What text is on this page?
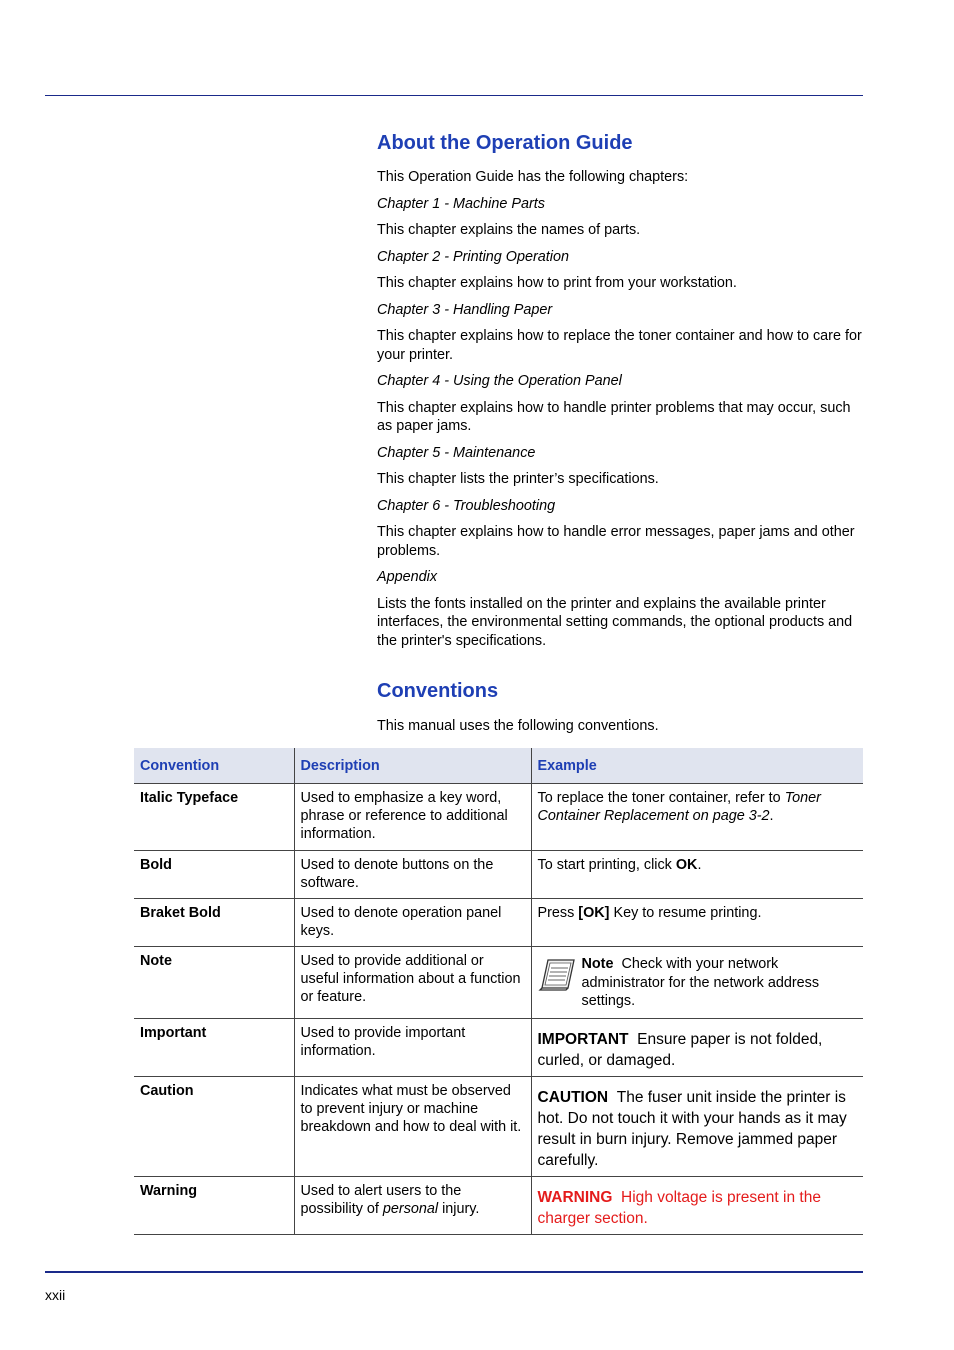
About the Operation Guide

This Operation Guide has the following chapters:

Chapter 1 - Machine Parts

This chapter explains the names of parts.

Chapter 2 - Printing Operation

This chapter explains how to print from your workstation.

Chapter 3 - Handling Paper

This chapter explains how to replace the toner container and how to care for your printer.

Chapter 4 - Using the Operation Panel

This chapter explains how to handle printer problems that may occur, such as paper jams.

Chapter 5 - Maintenance

This chapter lists the printer’s specifications.

Chapter 6 - Troubleshooting

This chapter explains how to handle error messages, paper jams and other problems.

Appendix

Lists the fonts installed on the printer and explains the available printer interfaces, the environmental setting commands, the optional products and the printer's specifications.

Conventions

This manual uses the following conventions.

Convention	Description	Example
Italic Typeface	Used to emphasize a key word, phrase or reference to additional information.	To replace the toner container, refer to Toner Container Replacement on page 3-2.
Bold	Used to denote buttons on the software.	To start printing, click OK.
Braket Bold	Used to denote operation panel keys.	Press [OK] Key to resume printing.
Note	Used to provide additional or useful information about a function or feature.	Note Check with your network administrator for the network address settings.

Important	Used to provide important information.	IMPORTANT Ensure paper is not folded, curled, or damaged.

Caution	Indicates what must be observed to prevent injury or machine breakdown and how to deal with it.	CAUTION The fuser unit inside the printer is hot. Do not touch it with your hands as it may result in burn injury. Remove jammed paper carefully.

Warning	Used to alert users to the possibility of personal injury.	WARNING High voltage is present in the charger section.
xxii
